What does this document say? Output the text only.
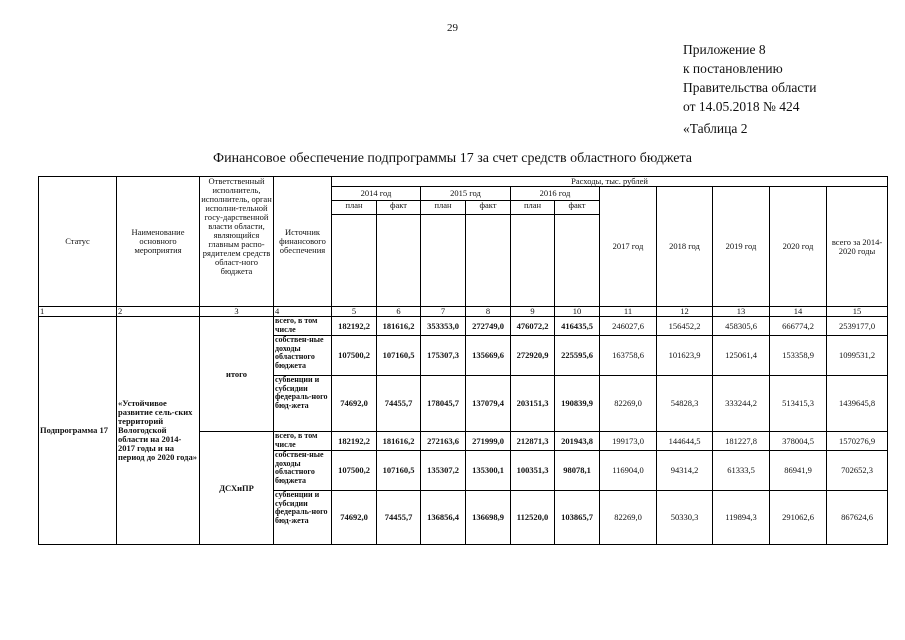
29
Приложение 8
к постановлению
Правительства области
от 14.05.2018 № 424
«Таблица 2
Финансовое обеспечение подпрограммы 17 за счет средств областного бюджета
Статус	Наименование основного мероприятия	Ответственный исполнитель, исполнитель, орган исполни-тельной госу-дарственной власти области, являющийся главным распо-рядителем средств област-ного бюджета	Источник финансового обеспечения	Расходы, тыс. рублей										
				2014 год		2015 год		2016 год		2017 год	2018 год	2019 год	2020 год	всего за 2014-2020 годы
				план	факт	план	факт	план	факт					

1	2	3	4	5	6	7	8	9	10	11	12	13	14	15
Подпрограмма 17	«Устойчивое развитие сель-ских территорий Вологодской области на 2014-2017 годы и на период до 2020 года»	итого	всего, в том числе	182192,2	181616,2	353353,0	272749,0	476072,2	416435,5	246027,6	156452,2	458305,6	666774,2	2539177,0
			собствен-ные доходы областного бюджета	107500,2	107160,5	175307,3	135669,6	272920,9	225595,6	163758,6	101623,9	125061,4	153358,9	1099531,2
			субвенции и субсидии федераль-ного бюд-жета	74692,0	74455,7	178045,7	137079,4	203151,3	190839,9	82269,0	54828,3	333244,2	513415,3	1439645,8
		ДСХиПР	всего, в том числе	182192,2	181616,2	272163,6	271999,0	212871,3	201943,8	199173,0	144644,5	181227,8	378004,5	1570276,9
			собствен-ные доходы областного бюджета	107500,2	107160,5	135307,2	135300,1	100351,3	98078,1	116904,0	94314,2	61333,5	86941,9	702652,3
			субвенции и субсидии федераль-ного бюд-жета	74692,0	74455,7	136856,4	136698,9	112520,0	103865,7	82269,0	50330,3	119894,3	291062,6	867624,6
